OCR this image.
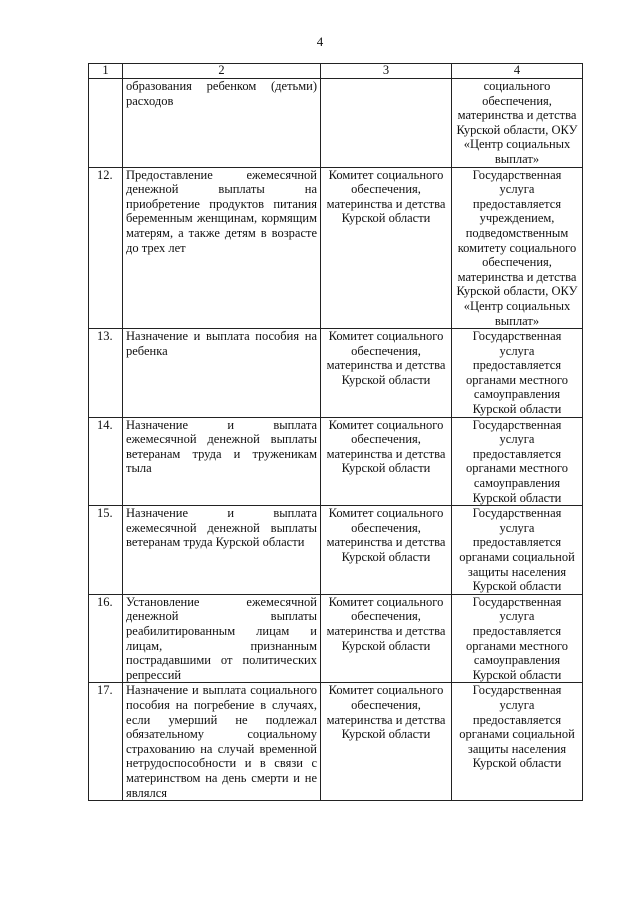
4
1	2	3	4
	образования ребенком (детьми) расходов		социального обеспечения, материнства и детства Курской области, ОКУ «Центр социальных выплат»
12.	Предоставление ежемесячной денежной выплаты на приобретение продуктов питания беременным женщинам, кормящим матерям, а также детям в возрасте до трех лет	Комитет социального обеспечения, материнства и детства Курской области	Государственная услуга предоставляется учреждением, подведомственным комитету социального обеспечения, материнства и детства Курской области, ОКУ «Центр социальных выплат»
13.	Назначение и выплата пособия на ребенка	Комитет социального обеспечения, материнства и детства Курской области	Государственная услуга предоставляется органами местного самоуправления Курской области
14.	Назначение и выплата ежемесячной денежной выплаты ветеранам труда и труженикам тыла	Комитет социального обеспечения, материнства и детства Курской области	Государственная услуга предоставляется органами местного самоуправления Курской области
15.	Назначение и выплата ежемесячной денежной выплаты ветеранам труда Курской области	Комитет социального обеспечения, материнства и детства Курской области	Государственная услуга предоставляется органами социальной защиты населения Курской области
16.	Установление ежемесячной денежной выплаты реабилитированным лицам и лицам, признанным пострадавшими от политических репрессий	Комитет социального обеспечения, материнства и детства Курской области	Государственная услуга предоставляется органами местного самоуправления Курской области
17.	Назначение и выплата социального пособия на погребение в случаях, если умерший не подлежал обязательному социальному страхованию на случай временной нетрудоспособности и в связи с материнством на день смерти и не являлся	Комитет социального обеспечения, материнства и детства Курской области	Государственная услуга предоставляется органами социальной защиты населения Курской области
